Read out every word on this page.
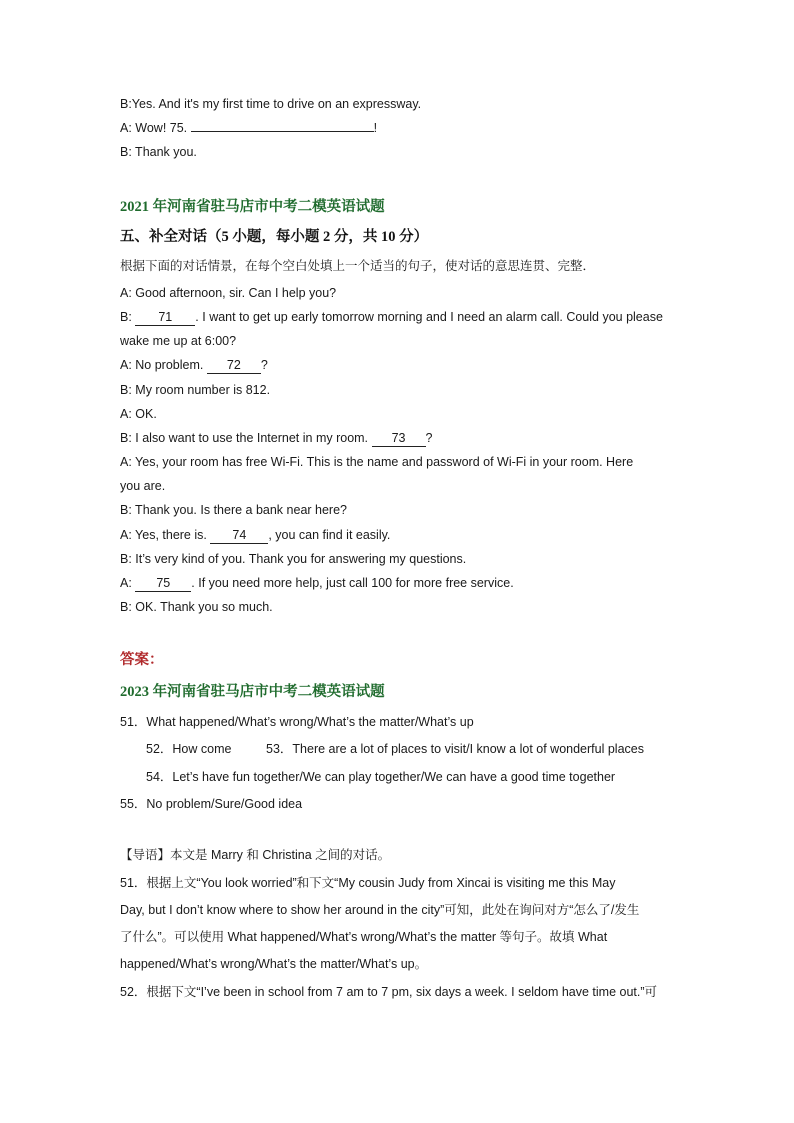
B:Yes. And it's my first time to drive on an expressway.
A: Wow! 75.	!
B: Thank you.
2021 年河南省驻马店市中考二模英语试题
五、补全对话（5 小题，每小题 2 分，共 10 分）
根据下面的对话情景，在每个空白处填上一个适当的句子，使对话的意思连贯、完整．
A: Good afternoon, sir. Can I help you?
B: 71 . I want to get up early tomorrow morning and I need an alarm call. Could you please
wake me up at 6:00?
A: No problem. 72 ?
B: My room number is 812.
A: OK.
B: I also want to use the Internet in my room. 73 ?
A: Yes, your room has free Wi-Fi. This is the name and password of Wi-Fi in your room. Here
you are.
B: Thank you. Is there a bank near here?
A: Yes, there is. 74 , you can find it easily.
B: It’s very kind of you. Thank you for answering my questions.
A: 75 . If you need more help, just call 100 for more free service.
B: OK. Thank you so much.
答案：
2023 年河南省驻马店市中考二模英语试题
51．What happened/What’s wrong/What’s the matter/What’s up
52．How come	53．There are a lot of places to visit/I know a lot of wonderful places
54．Let’s have fun together/We can play together/We can have a good time together
55．No problem/Sure/Good idea
【导语】本文是 Marry 和 Christina 之间的对话。
51．根据上文“You look worried”和下文“My cousin Judy from Xincai is visiting me this May
Day, but I don’t know where to show her around in the city”可知，此处在询问对方“怎么了/发生
了什么”。可以使用 What happened/What’s wrong/What’s the matter 等句子。故填 What
happened/What’s wrong/What’s the matter/What’s up。
52．根据下文“I’ve been in school from 7 am to 7 pm, six days a week. I seldom have time out.”可
